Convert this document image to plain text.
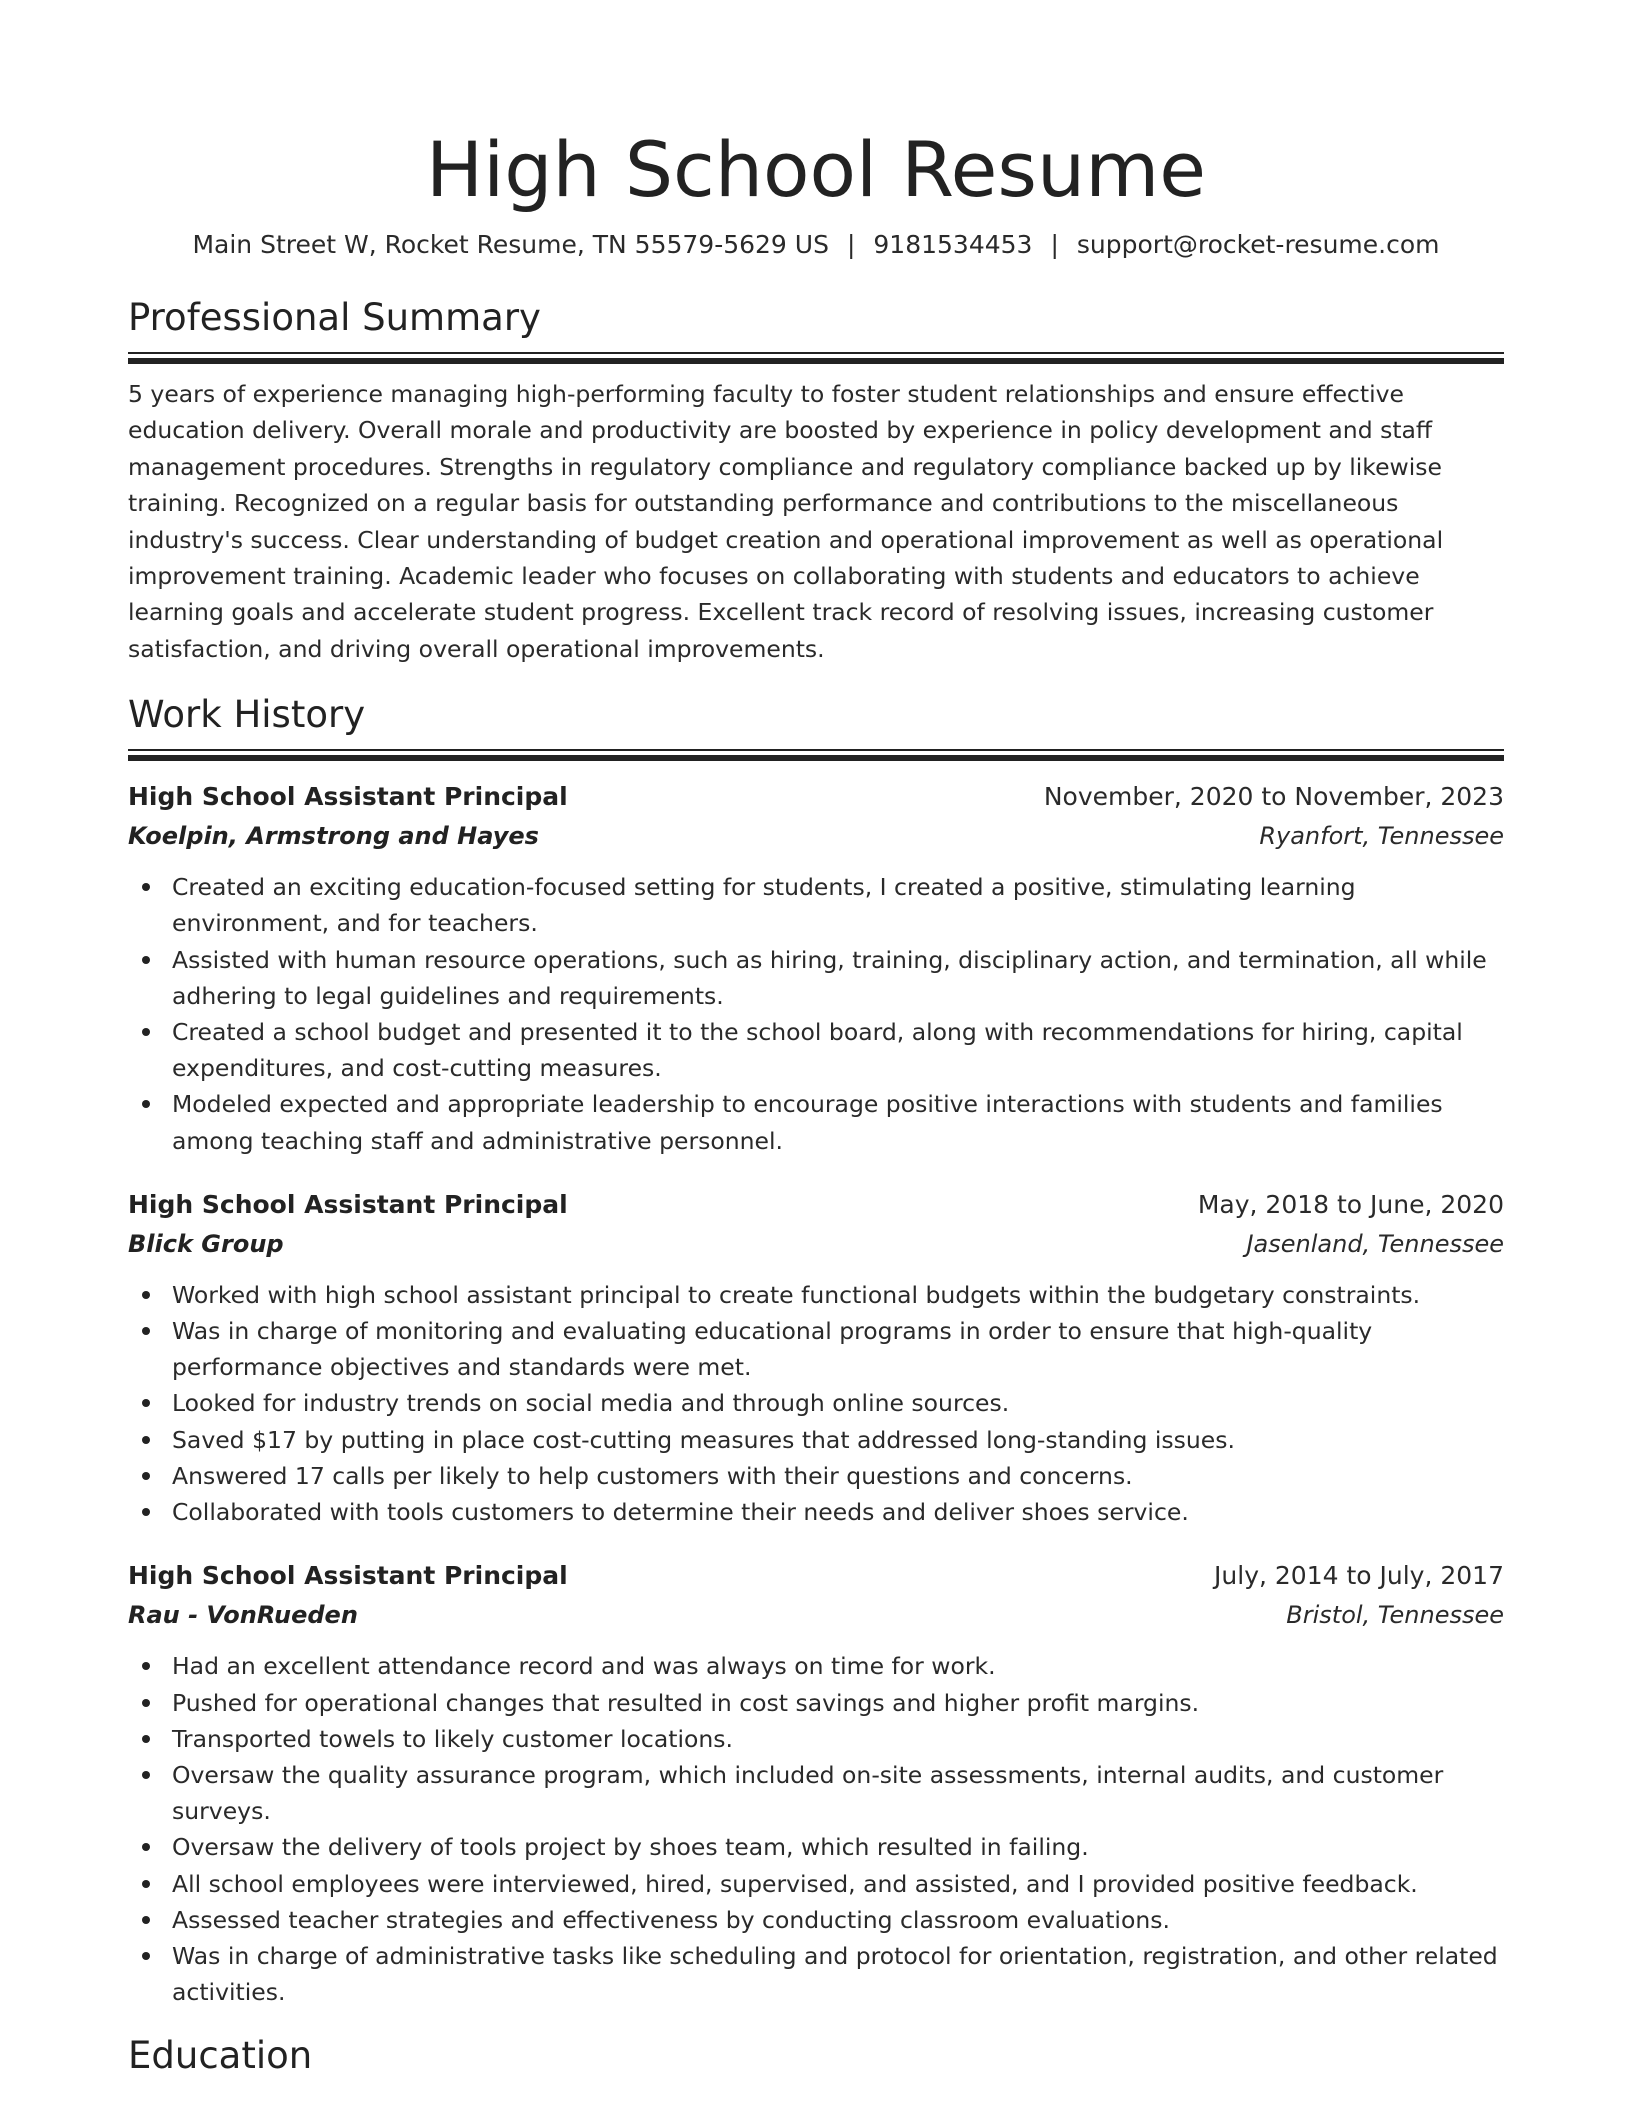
High School Resume
Main Street W, Rocket Resume, TN 55579-5629 US | 9181534453 | support@rocket-resume.com
Professional Summary

5 years of experience managing high-performing faculty to foster student relationships and ensure effective education delivery. Overall morale and productivity are boosted by experience in policy development and staff management procedures. Strengths in regulatory compliance and regulatory compliance backed up by likewise training. Recognized on a regular basis for outstanding performance and contributions to the miscellaneous industry's success. Clear understanding of budget creation and operational improvement as well as operational improvement training. Academic leader who focuses on collaborating with students and educators to achieve learning goals and accelerate student progress. Excellent track record of resolving issues, increasing customer satisfaction, and driving overall operational improvements.

Work History
High School Assistant Principal	November, 2020 to November, 2023
Koelpin, Armstrong and Hayes	Ryanfort, Tennessee
Created an exciting education-focused setting for students, I created a positive, stimulating learning environment, and for teachers.
Assisted with human resource operations, such as hiring, training, disciplinary action, and termination, all while adhering to legal guidelines and requirements.
Created a school budget and presented it to the school board, along with recommendations for hiring, capital expenditures, and cost-cutting measures.
Modeled expected and appropriate leadership to encourage positive interactions with students and families among teaching staff and administrative personnel.
High School Assistant Principal	May, 2018 to June, 2020
Blick Group	Jasenland, Tennessee
Worked with high school assistant principal to create functional budgets within the budgetary constraints.
Was in charge of monitoring and evaluating educational programs in order to ensure that high-quality performance objectives and standards were met.
Looked for industry trends on social media and through online sources.
Saved $17 by putting in place cost-cutting measures that addressed long-standing issues.
Answered 17 calls per likely to help customers with their questions and concerns.
Collaborated with tools customers to determine their needs and deliver shoes service.
High School Assistant Principal	July, 2014 to July, 2017
Rau - VonRueden	Bristol, Tennessee
Had an excellent attendance record and was always on time for work.
Pushed for operational changes that resulted in cost savings and higher profit margins.
Transported towels to likely customer locations.
Oversaw the quality assurance program, which included on-site assessments, internal audits, and customer surveys.
Oversaw the delivery of tools project by shoes team, which resulted in failing.
All school employees were interviewed, hired, supervised, and assisted, and I provided positive feedback.
Assessed teacher strategies and effectiveness by conducting classroom evaluations.
Was in charge of administrative tasks like scheduling and protocol for orientation, registration, and other related activities.
Education
